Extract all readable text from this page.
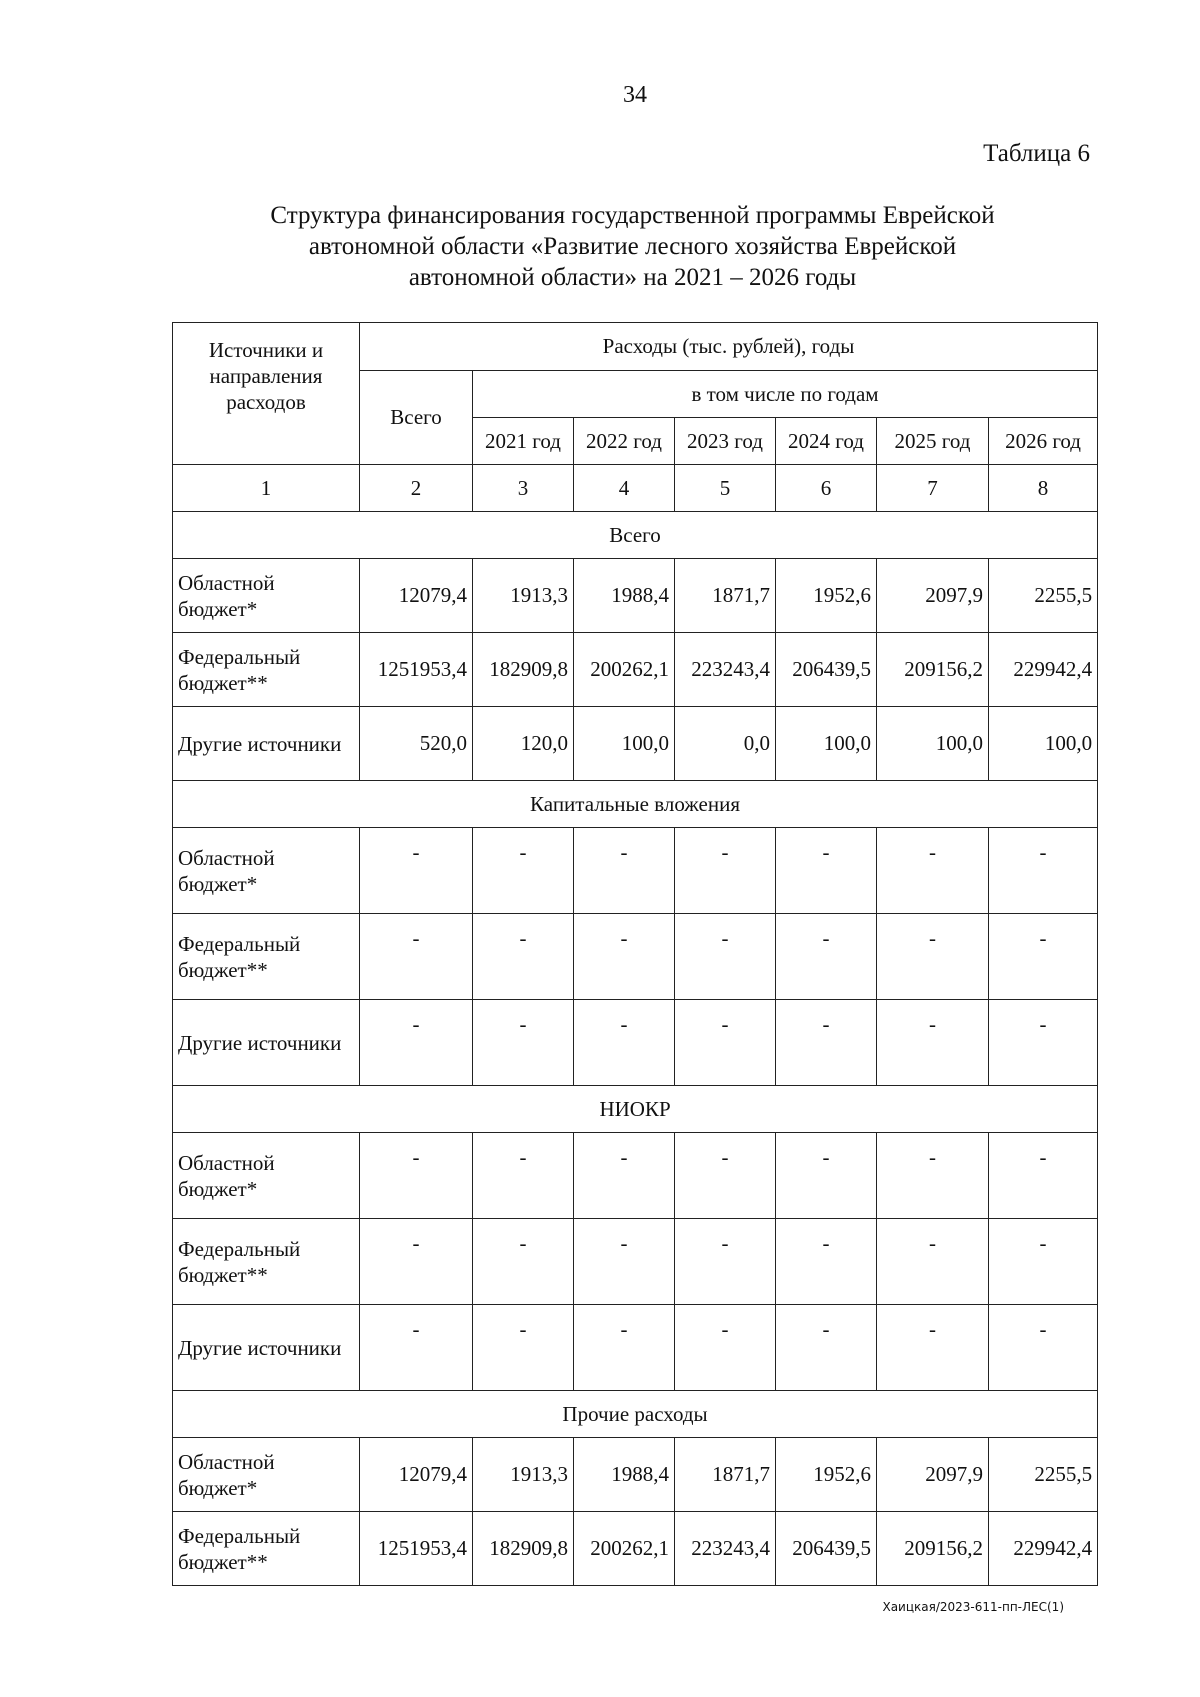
34
Таблица 6
Структура финансирования государственной программы Еврейской
автономной области «Развитие лесного хозяйства Еврейской
автономной области» на 2021 – 2026 годы
Источники и направления расходов	Расходы (тыс. рублей), годы						
	Всего	в том числе по годам					
		2021 год	2022 год	2023 год	2024 год	2025 год	2026 год
1	2	3	4	5	6	7	8
Всего							
Областной бюджет*	12079,4	1913,3	1988,4	1871,7	1952,6	2097,9	2255,5
Федеральный бюджет**	1251953,4	182909,8	200262,1	223243,4	206439,5	209156,2	229942,4
Другие источники	520,0	120,0	100,0	0,0	100,0	100,0	100,0
Капитальные вложения							
Областной бюджет*	-	-	-	-	-	-	-
Федеральный бюджет**	-	-	-	-	-	-	-
Другие источники	-	-	-	-	-	-	-
НИОКР							
Областной бюджет*	-	-	-	-	-	-	-
Федеральный бюджет**	-	-	-	-	-	-	-
Другие источники	-	-	-	-	-	-	-
Прочие расходы							
Областной бюджет*	12079,4	1913,3	1988,4	1871,7	1952,6	2097,9	2255,5
Федеральный бюджет**	1251953,4	182909,8	200262,1	223243,4	206439,5	209156,2	229942,4
Хаицкая/2023-611-пп-ЛЕС(1)
